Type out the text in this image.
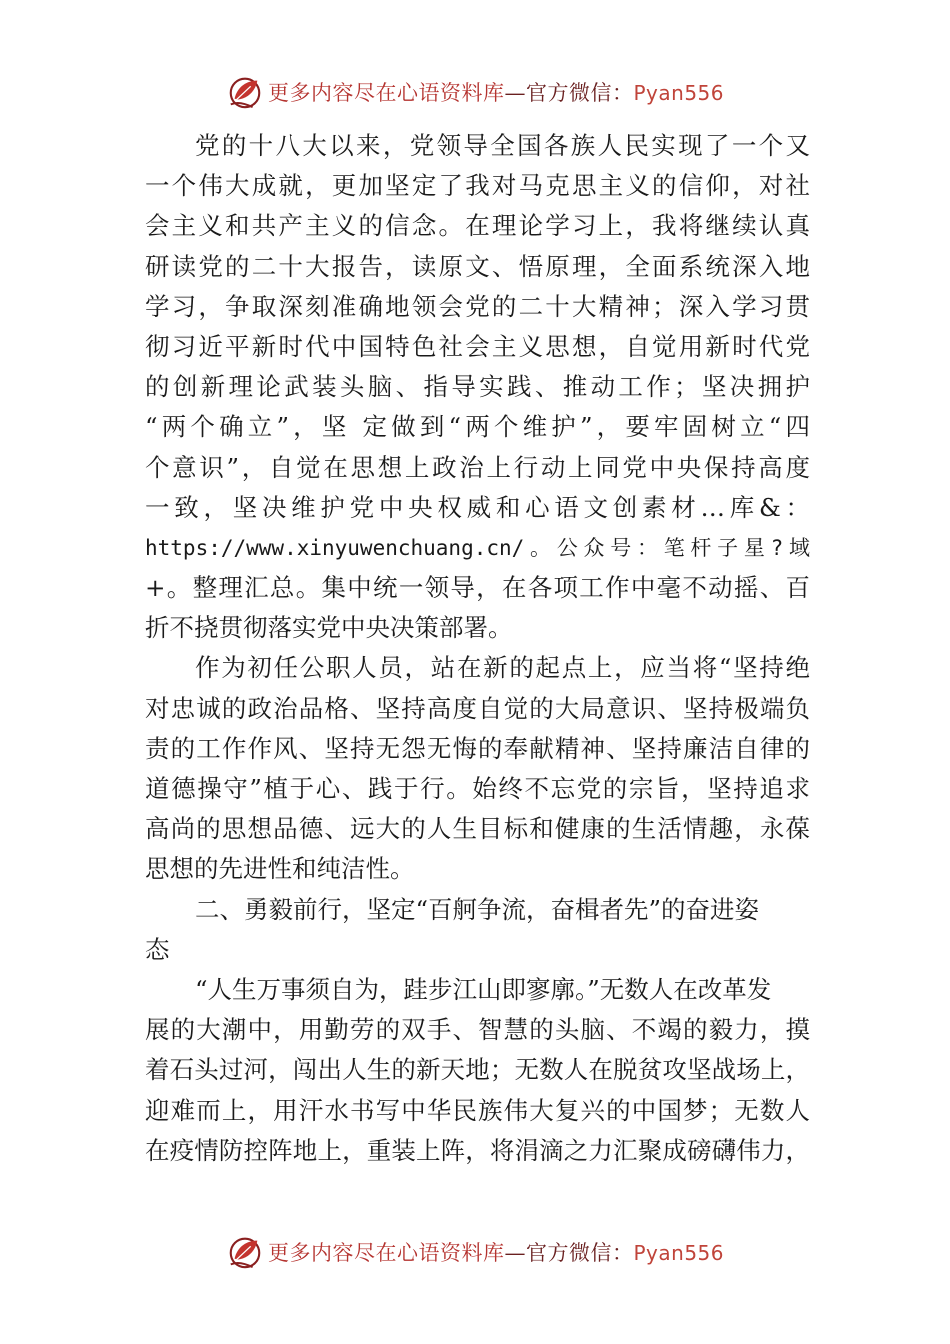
更多内容尽在心语资料库—官方微信：Pyan556
党的十八大以来，党领导全国各族人民实现了一个又
一个伟大成就，更加坚定了我对马克思主义的信仰，对社
会主义和共产主义的信念。在理论学习上，我将继续认真
研读党的二十大报告，读原文、悟原理，全面系统深入地
学习，争取深刻准确地领会党的二十大精神；深入学习贯
彻习近平新时代中国特色社会主义思想，自觉用新时代党
的创新理论武装头脑、指导实践、推动工作；坚决拥护
“两个确立”，坚 定做到“两个维护”，要牢固树立“四
个意识”，自觉在思想上政治上行动上同党中央保持高度
一致，坚决维护党中央权威和心语文创素材…库&：
https://www.xinyuwenchuang.cn/。公众号：笔杆子星?域
+。整理汇总。集中统一领导，在各项工作中毫不动摇、百
折不挠贯彻落实党中央决策部署。
作为初任公职人员，站在新的起点上，应当将“坚持绝
对忠诚的政治品格、坚持高度自觉的大局意识、坚持极端负
责的工作作风、坚持无怨无悔的奉献精神、坚持廉洁自律的
道德操守”植于心、践于行。始终不忘党的宗旨，坚持追求
高尚的思想品德、远大的人生目标和健康的生活情趣，永葆
思想的先进性和纯洁性。
二、勇毅前行，坚定“百舸争流，奋楫者先”的奋进姿
态
“人生万事须自为，跬步江山即寥廓。”无数人在改革发
展的大潮中，用勤劳的双手、智慧的头脑、不竭的毅力，摸
着石头过河，闯出人生的新天地；无数人在脱贫攻坚战场上，
迎难而上，用汗水书写中华民族伟大复兴的中国梦；无数人
在疫情防控阵地上，重装上阵，将涓滴之力汇聚成磅礴伟力，
更多内容尽在心语资料库—官方微信：Pyan556
